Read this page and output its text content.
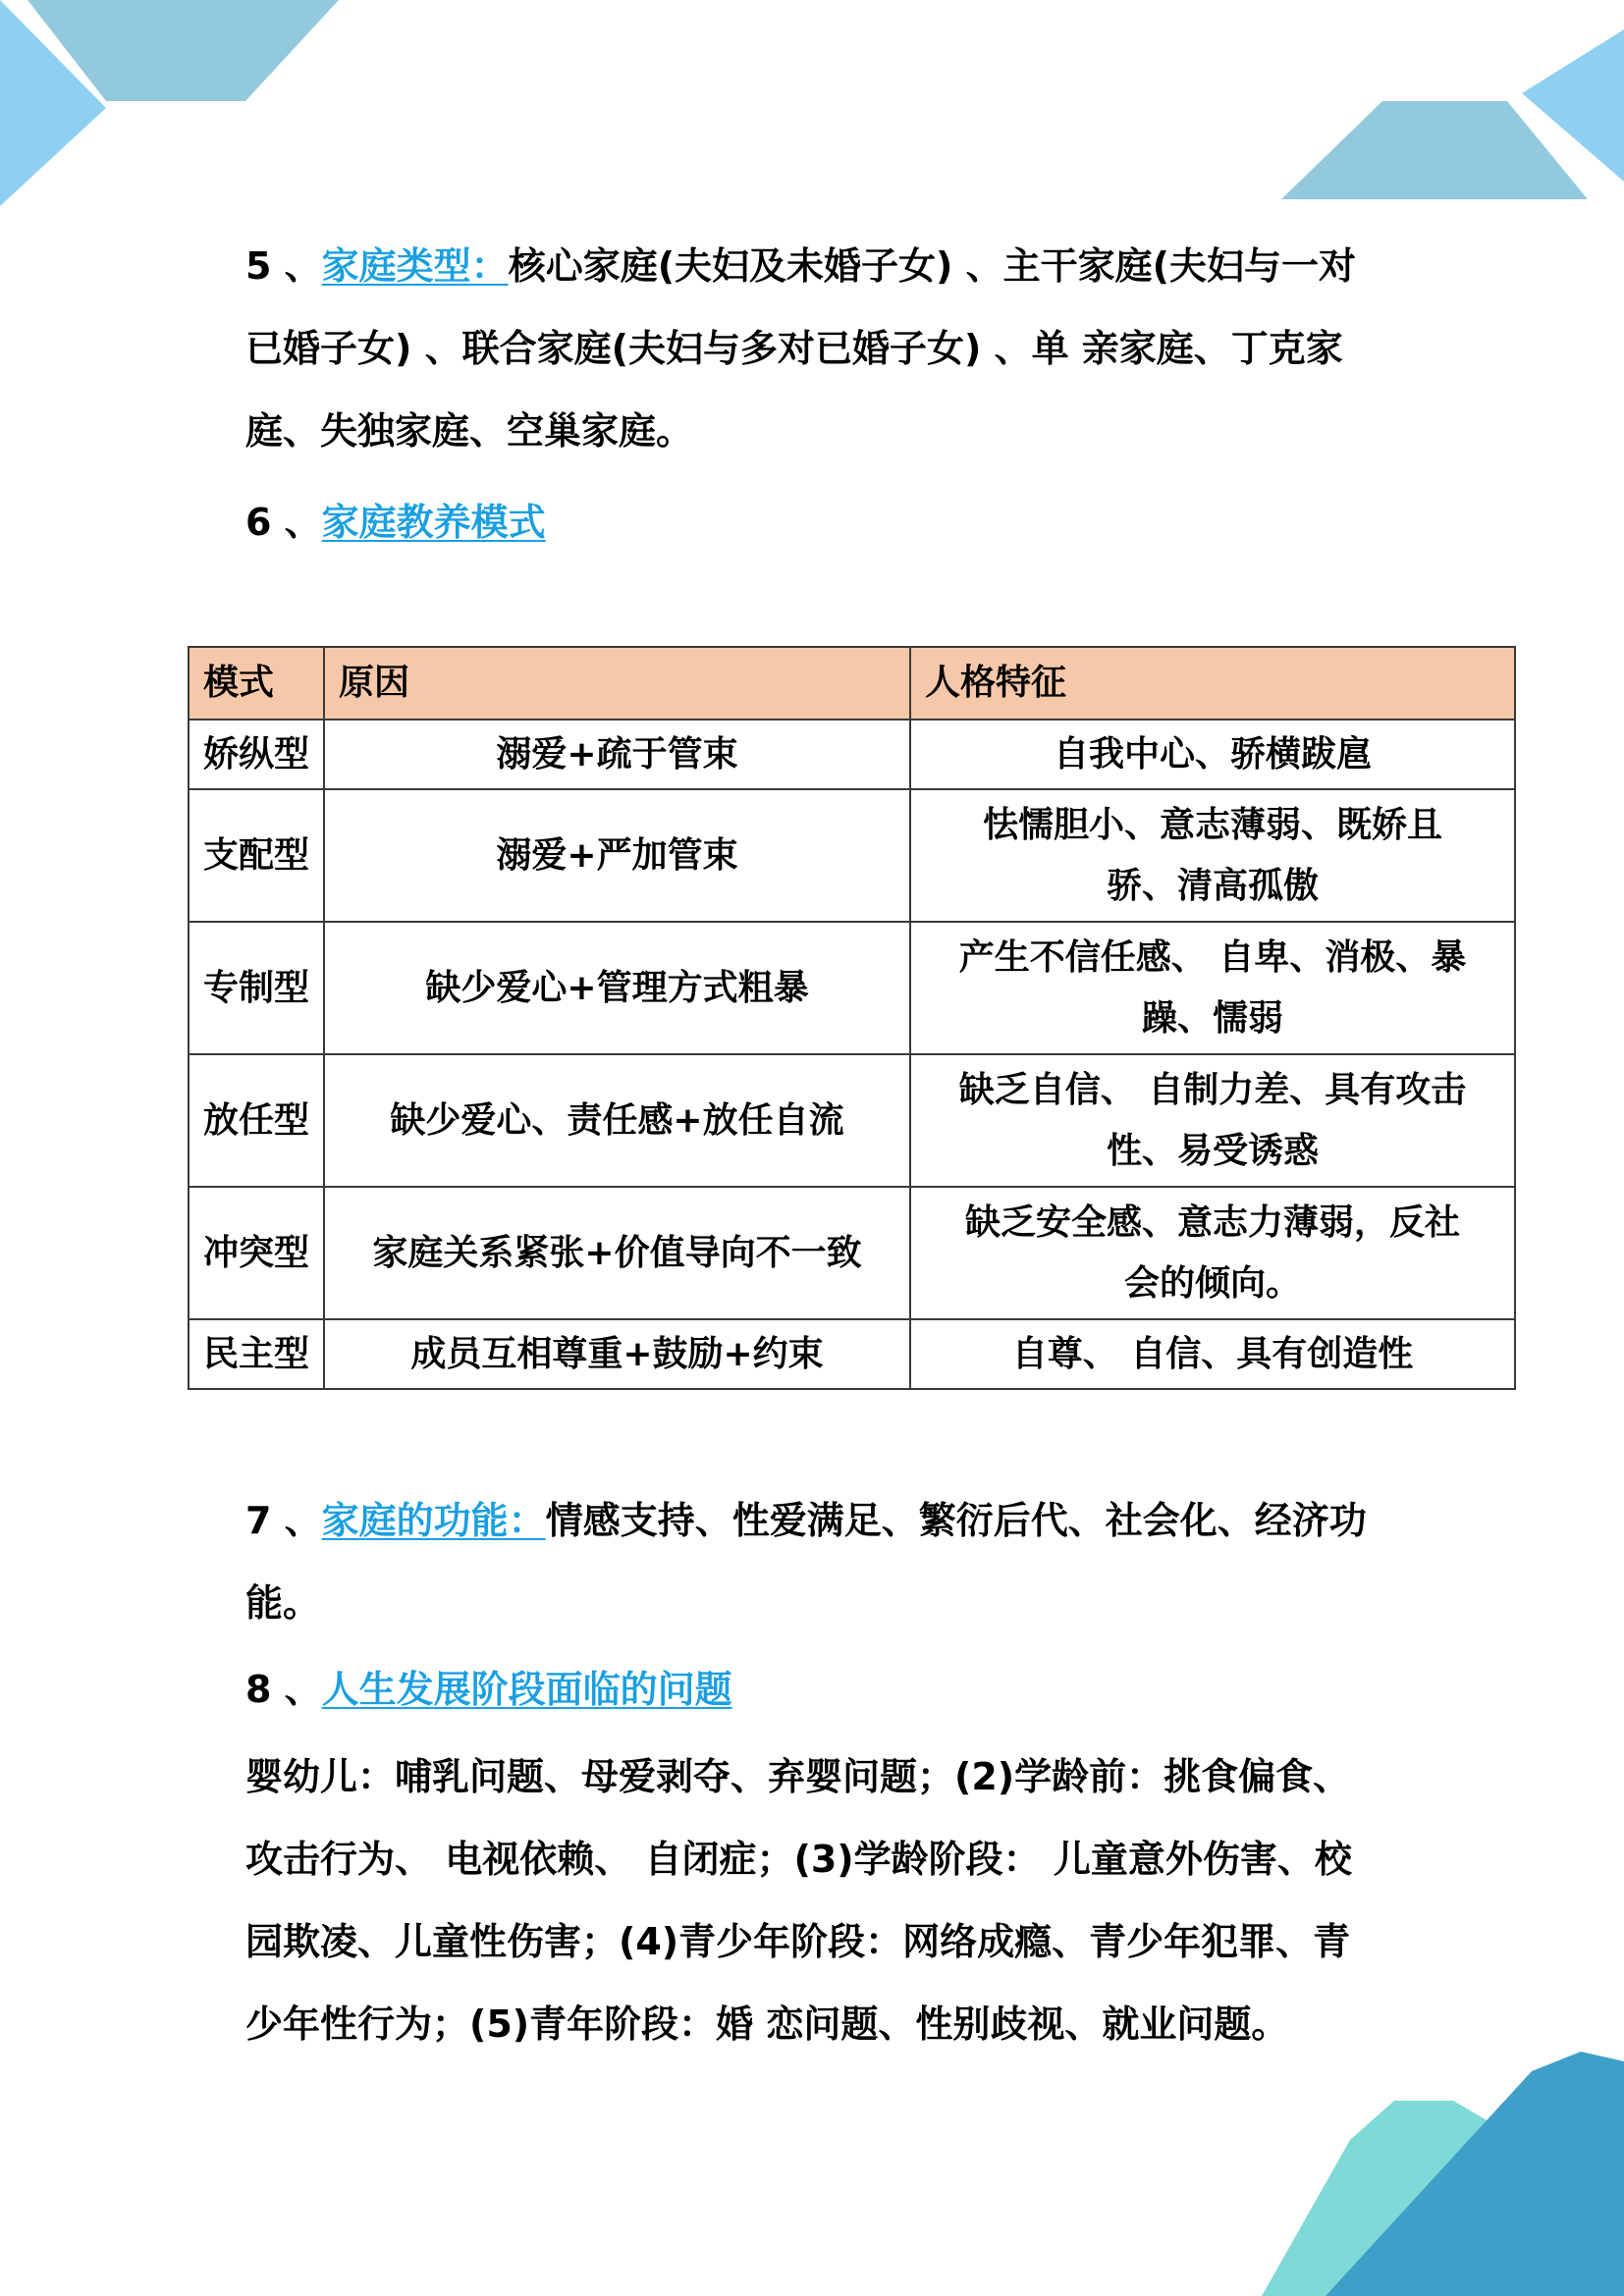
5 、家庭类型：核心家庭(夫妇及未婚子女) 、主干家庭(夫妇与一对
已婚子女) 、联合家庭(夫妇与多对已婚子女) 、单 亲家庭、丁克家
庭、失独家庭、空巢家庭。
6 、家庭教养模式
模式	原因	人格特征
娇纵型	溺爱+疏于管束	自我中心、骄横跋扈

支配型	溺爱+严加管束	怯懦胆小、意志薄弱、既娇且
骄、清高孤傲

专制型	缺少爱心+管理方式粗暴	产生不信任感、 自卑、消极、暴
躁、懦弱

放任型	缺少爱心、责任感+放任自流	缺乏自信、 自制力差、具有攻击
性、易受诱惑

冲突型	家庭关系紧张+价值导向不一致	缺乏安全感、意志力薄弱，反社
会的倾向。

民主型	成员互相尊重+鼓励+约束	自尊、 自信、具有创造性
7 、家庭的功能：情感支持、性爱满足、繁衍后代、社会化、经济功
能。
8 、人生发展阶段面临的问题
婴幼儿：哺乳问题、母爱剥夺、弃婴问题；(2)学龄前：挑食偏食、
攻击行为、 电视依赖、 自闭症；(3)学龄阶段： 儿童意外伤害、校
园欺凌、儿童性伤害；(4)青少年阶段：网络成瘾、青少年犯罪、青
少年性行为；(5)青年阶段：婚 恋问题、性别歧视、就业问题。
